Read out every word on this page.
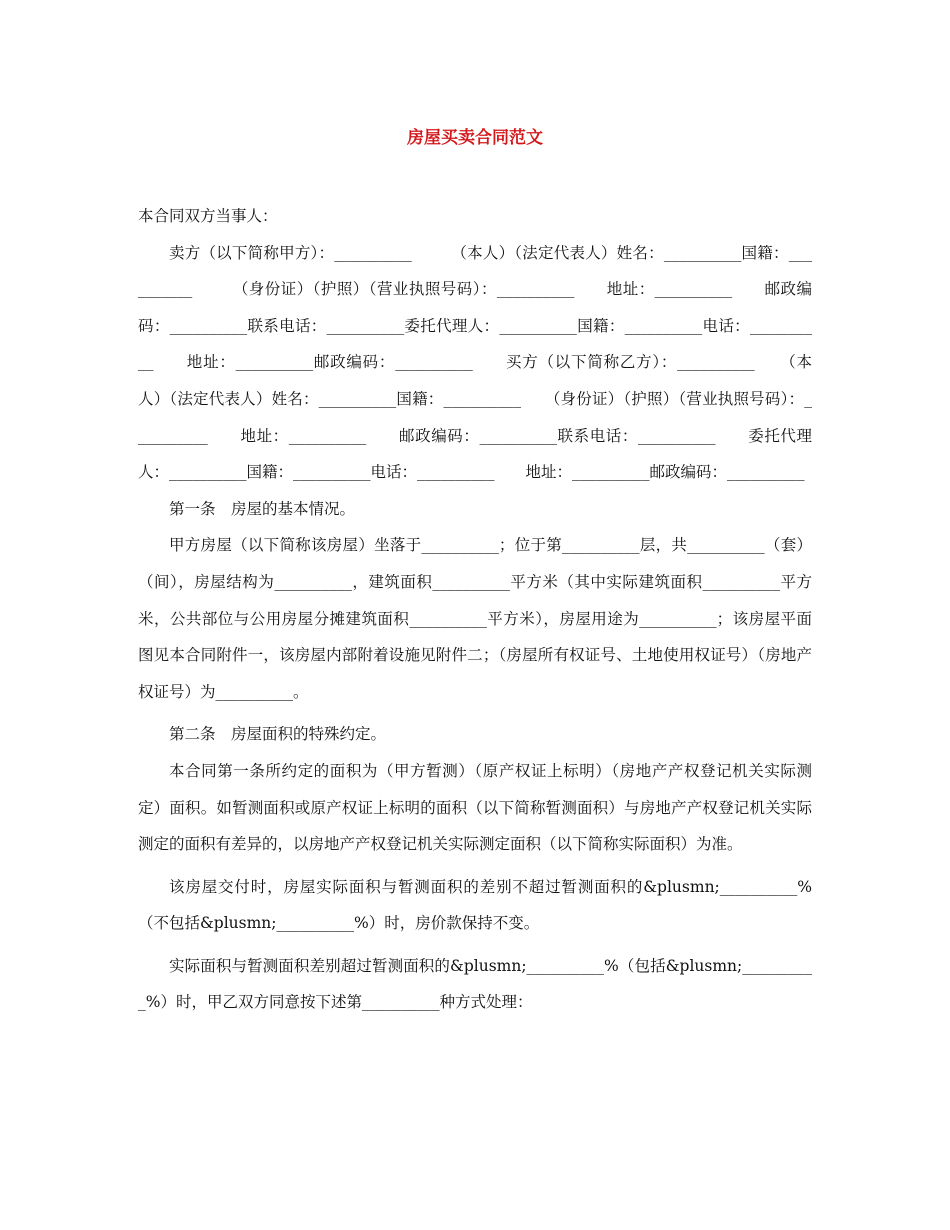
房屋买卖合同范文

本合同双方当事人：

卖方（以下简称甲方）：__________　　　（本人）（法定代表人）姓名：__________国籍：__________　　　（身份证）（护照）（营业执照号码）：__________　　地址：__________　　邮政编码：__________联系电话：__________委托代理人：__________国籍：__________电话：__________　　地址：__________邮政编码：__________　　买方（以下简称乙方）：__________　　（本人）（法定代表人）姓名：__________国籍：__________　　（身份证）（护照）（营业执照号码）：__________　　地址：__________　　邮政编码：__________联系电话：__________　　委托代理人：__________国籍：__________电话：__________　　地址：__________邮政编码：__________

第一条　房屋的基本情况。

甲方房屋（以下简称该房屋）坐落于__________；位于第__________层，共__________（套）（间），房屋结构为__________，建筑面积__________平方米（其中实际建筑面积__________平方米，公共部位与公用房屋分摊建筑面积__________平方米），房屋用途为__________；该房屋平面图见本合同附件一，该房屋内部附着设施见附件二；（房屋所有权证号、土地使用权证号）（房地产权证号）为__________。

第二条　房屋面积的特殊约定。

本合同第一条所约定的面积为（甲方暂测）（原产权证上标明）（房地产产权登记机关实际测定）面积。如暂测面积或原产权证上标明的面积（以下简称暂测面积）与房地产产权登记机关实际测定的面积有差异的，以房地产产权登记机关实际测定面积（以下简称实际面积）为准。

该房屋交付时，房屋实际面积与暂测面积的差别不超过暂测面积的&plusmn;__________%（不包括&plusmn;__________%）时，房价款保持不变。

实际面积与暂测面积差别超过暂测面积的&plusmn;__________%（包括&plusmn;__________%）时，甲乙双方同意按下述第__________种方式处理：
